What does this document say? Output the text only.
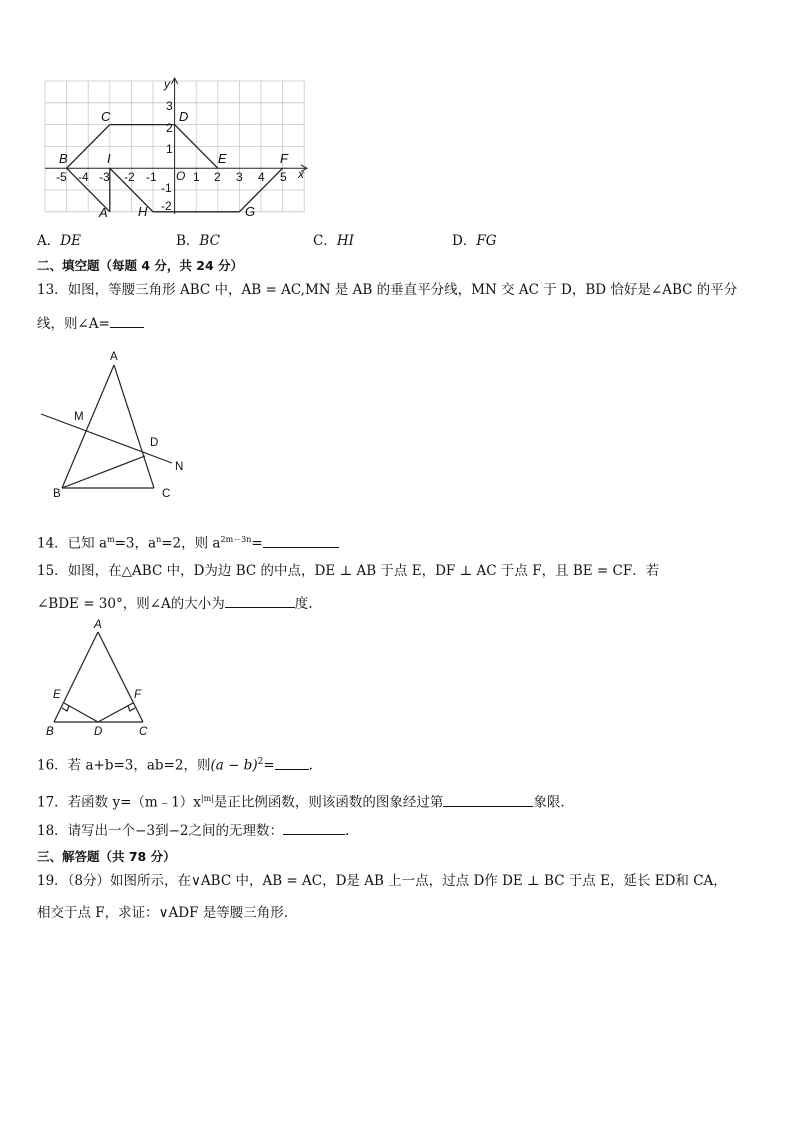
y
x
O
3
2
1
-1
-2
-5 -4 -3 -2 -1	1 2 3 4 5
B
C	D
I	E	F
A H	G
A．DE	B．BC	C．HI	D．FG
二、填空题（每题 4 分，共 24 分）
13．如图，等腰三角形 ABC 中，AB = AC,MN 是 AB 的垂直平分线，MN 交 AC 于 D，BD 恰好是∠ABC 的平分
线，则∠A=
A
M
D
N
B	C
14．已知 $a^m=3$，$a^n=2$，则 $a^{2m-3n}=$
15．如图，在△ABC 中，D为边 BC 的中点，DE ⊥ AB 于点 E，DF ⊥ AC 于点 F，且 BE = CF．若
∠BDE = 30°，则∠A的大小为	度.
A
E	F
B	D	C
16．若 a+b=3，ab=2，则$(a - b)^2=$	.
17．若函数 $y=(m﹣1)x^{|m|}$是正比例函数，则该函数的图象经过第	象限.
18．请写出一个−3到−2之间的无理数：	.
三、解答题（共 78 分）
19．（8分）如图所示，在∨ABC 中，AB = AC，D是 AB 上一点，过点 D作 DE ⊥ BC 于点 E，延长 ED和 CA，
相交于点 F，求证：∨ADF 是等腰三角形.
